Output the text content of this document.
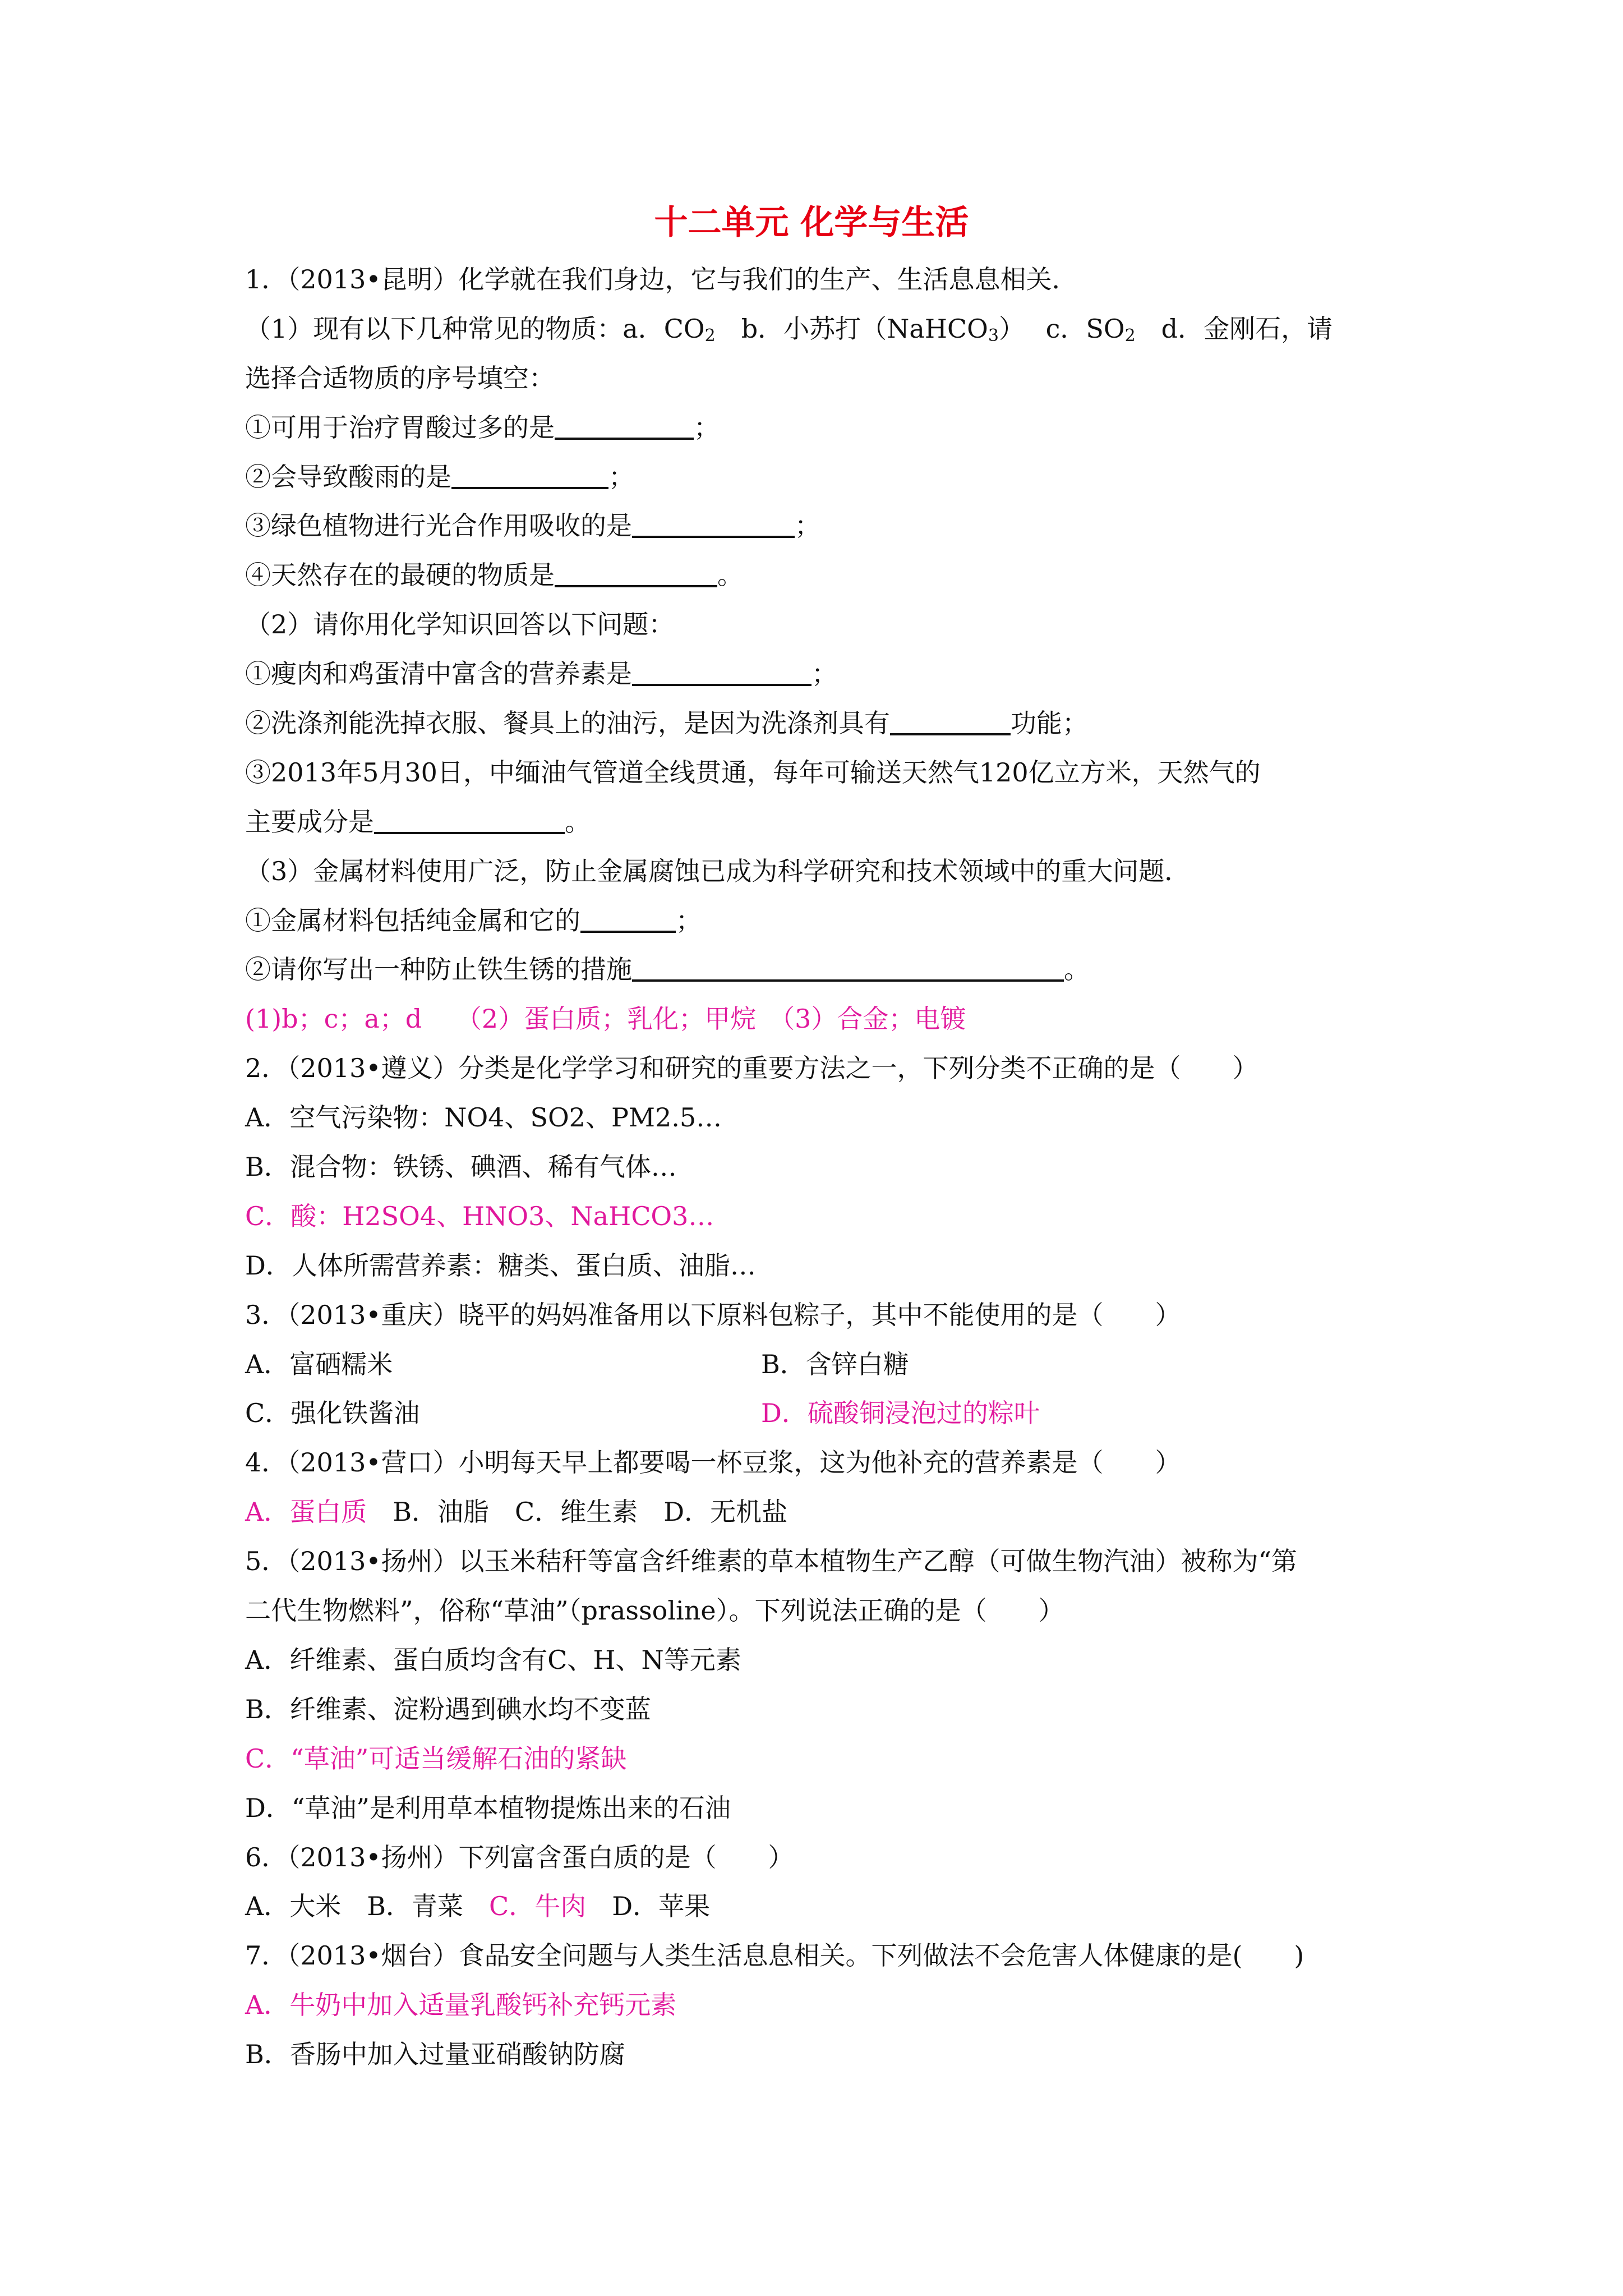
十二单元 化学与生活
1．（2013•昆明）化学就在我们身边，它与我们的生产、生活息息相关．
（1）现有以下几种常见的物质：a．$CO_2$　b．小苏打（NaHCO$_3$）　 c．$SO_2$　d．金刚石，请
选择合适物质的序号填空：
①可用于治疗胃酸过多的是	；
②会导致酸雨的是	；
③绿色植物进行光合作用吸收的是	；
④天然存在的最硬的物质是	。
（2）请你用化学知识回答以下问题：
①瘦肉和鸡蛋清中富含的营养素是	；
②洗涤剂能洗掉衣服、餐具上的油污，是因为洗涤剂具有	功能；
③2013年5月30日，中缅油气管道全线贯通，每年可输送天然气120亿立方米，天然气的
主要成分是	。
（3）金属材料使用广泛，防止金属腐蚀已成为科学研究和技术领域中的重大问题．
①金属材料包括纯金属和它的	；
②请你写出一种防止铁生锈的措施	。
(1)b；c；a；d　 （2）蛋白质；乳化；甲烷　（3）合金；电镀
2．（2013•遵义）分类是化学学习和研究的重要方法之一，下列分类不正确的是（　　）
A．空气污染物：NO4、SO2、PM2.5…
B．混合物：铁锈、碘酒、稀有气体…
C．酸：H2SO4、HNO3、NaHCO3…
D．人体所需营养素：糖类、蛋白质、油脂…
3．（2013•重庆）晓平的妈妈准备用以下原料包粽子，其中不能使用的是（　　）
A．富硒糯米	B．含锌白糖
C．强化铁酱油	D．硫酸铜浸泡过的粽叶
4．（2013•营口）小明每天早上都要喝一杯豆浆，这为他补充的营养素是（　　）
A．蛋白质　B．油脂　C．维生素　D．无机盐
5．（2013•扬州）以玉米秸秆等富含纤维素的草本植物生产乙醇（可做生物汽油）被称为“第
二代生物燃料”，俗称“草油”（prassoline）。下列说法正确的是（　　）
A．纤维素、蛋白质均含有C、H、N等元素
B．纤维素、淀粉遇到碘水均不变蓝
C．“草油”可适当缓解石油的紧缺
D．“草油”是利用草本植物提炼出来的石油
6．（2013•扬州）下列富含蛋白质的是（　　）
A．大米　B．青菜　C．牛肉　D．苹果
7．（2013•烟台）食品安全问题与人类生活息息相关。下列做法不会危害人体健康的是(　　)
A．牛奶中加入适量乳酸钙补充钙元素
B．香肠中加入过量亚硝酸钠防腐
